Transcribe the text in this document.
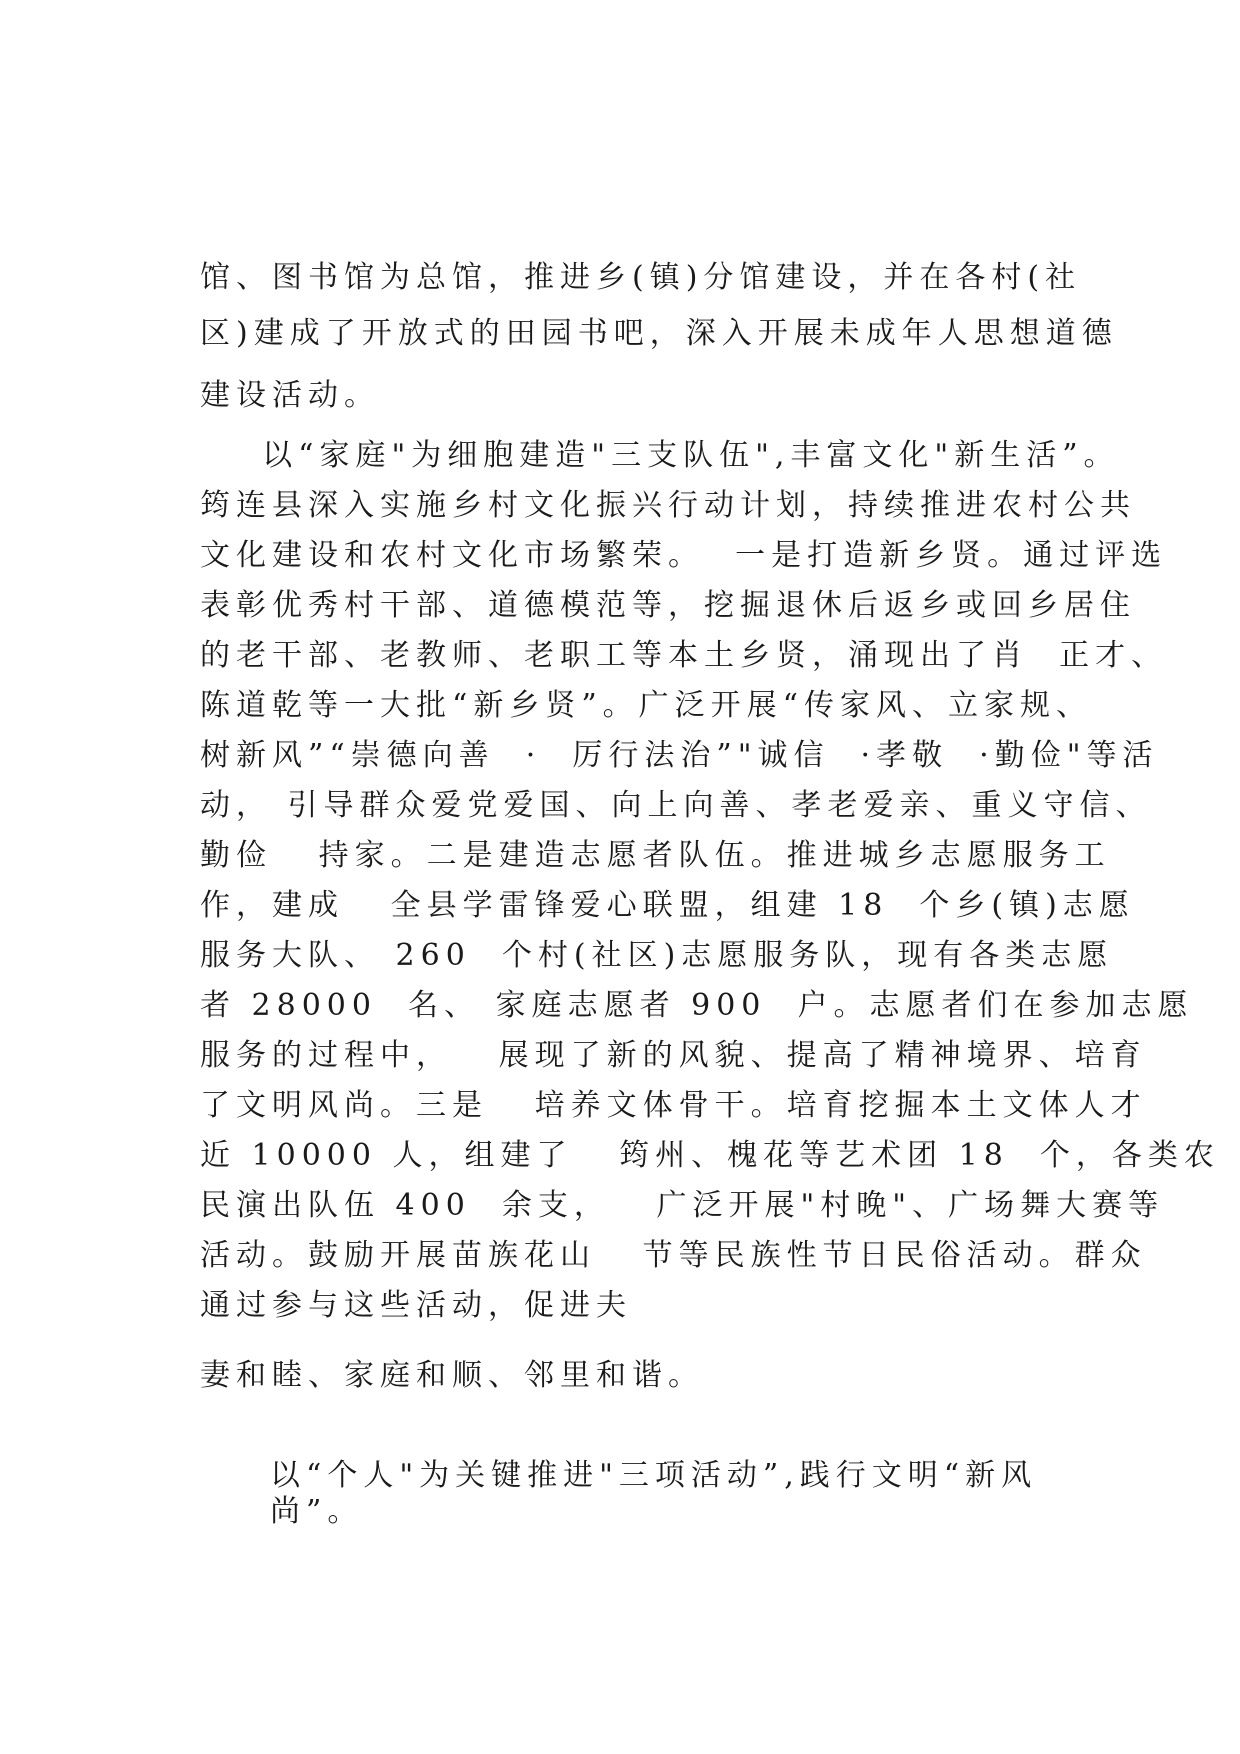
馆、图书馆为总馆，推进乡(镇)分馆建设，并在各村(社
区)建成了开放式的田园书吧，深入开展未成年人思想道德
建设活动。
以“家庭"为细胞建造"三支队伍",丰富文化"新生活”。
筠连县深入实施乡村文化振兴行动计划，持续推进农村公共
文化建设和农村文化市场繁荣。  一是打造新乡贤。通过评选
表彰优秀村干部、道德模范等，挖掘退休后返乡或回乡居住
的老干部、老教师、老职工等本土乡贤，涌现出了肖  正才、
陈道乾等一大批“新乡贤”。广泛开展“传家风、立家规、
树新风”“崇德向善  ·  厉行法治”"诚信  ·孝敬  ·勤俭"等活
动， 引导群众爱党爱国、向上向善、孝老爱亲、重义守信、
勤俭   持家。二是建造志愿者队伍。推进城乡志愿服务工
作，建成   全县学雷锋爱心联盟，组建 18  个乡(镇)志愿
服务大队、 260  个村(社区)志愿服务队，现有各类志愿
者 28000  名、 家庭志愿者 900  户。志愿者们在参加志愿
服务的过程中，   展现了新的风貌、提高了精神境界、培育
了文明风尚。三是   培养文体骨干。培育挖掘本土文体人才
近 10000 人，组建了   筠州、槐花等艺术团 18  个，各类农
民演出队伍 400  余支，   广泛开展"村晚"、广场舞大赛等
活动。鼓励开展苗族花山   节等民族性节日民俗活动。群众
通过参与这些活动，促进夫
妻和睦、家庭和顺、邻里和谐。
以“个人"为关键推进"三项活动”,践行文明“新风
尚”。
